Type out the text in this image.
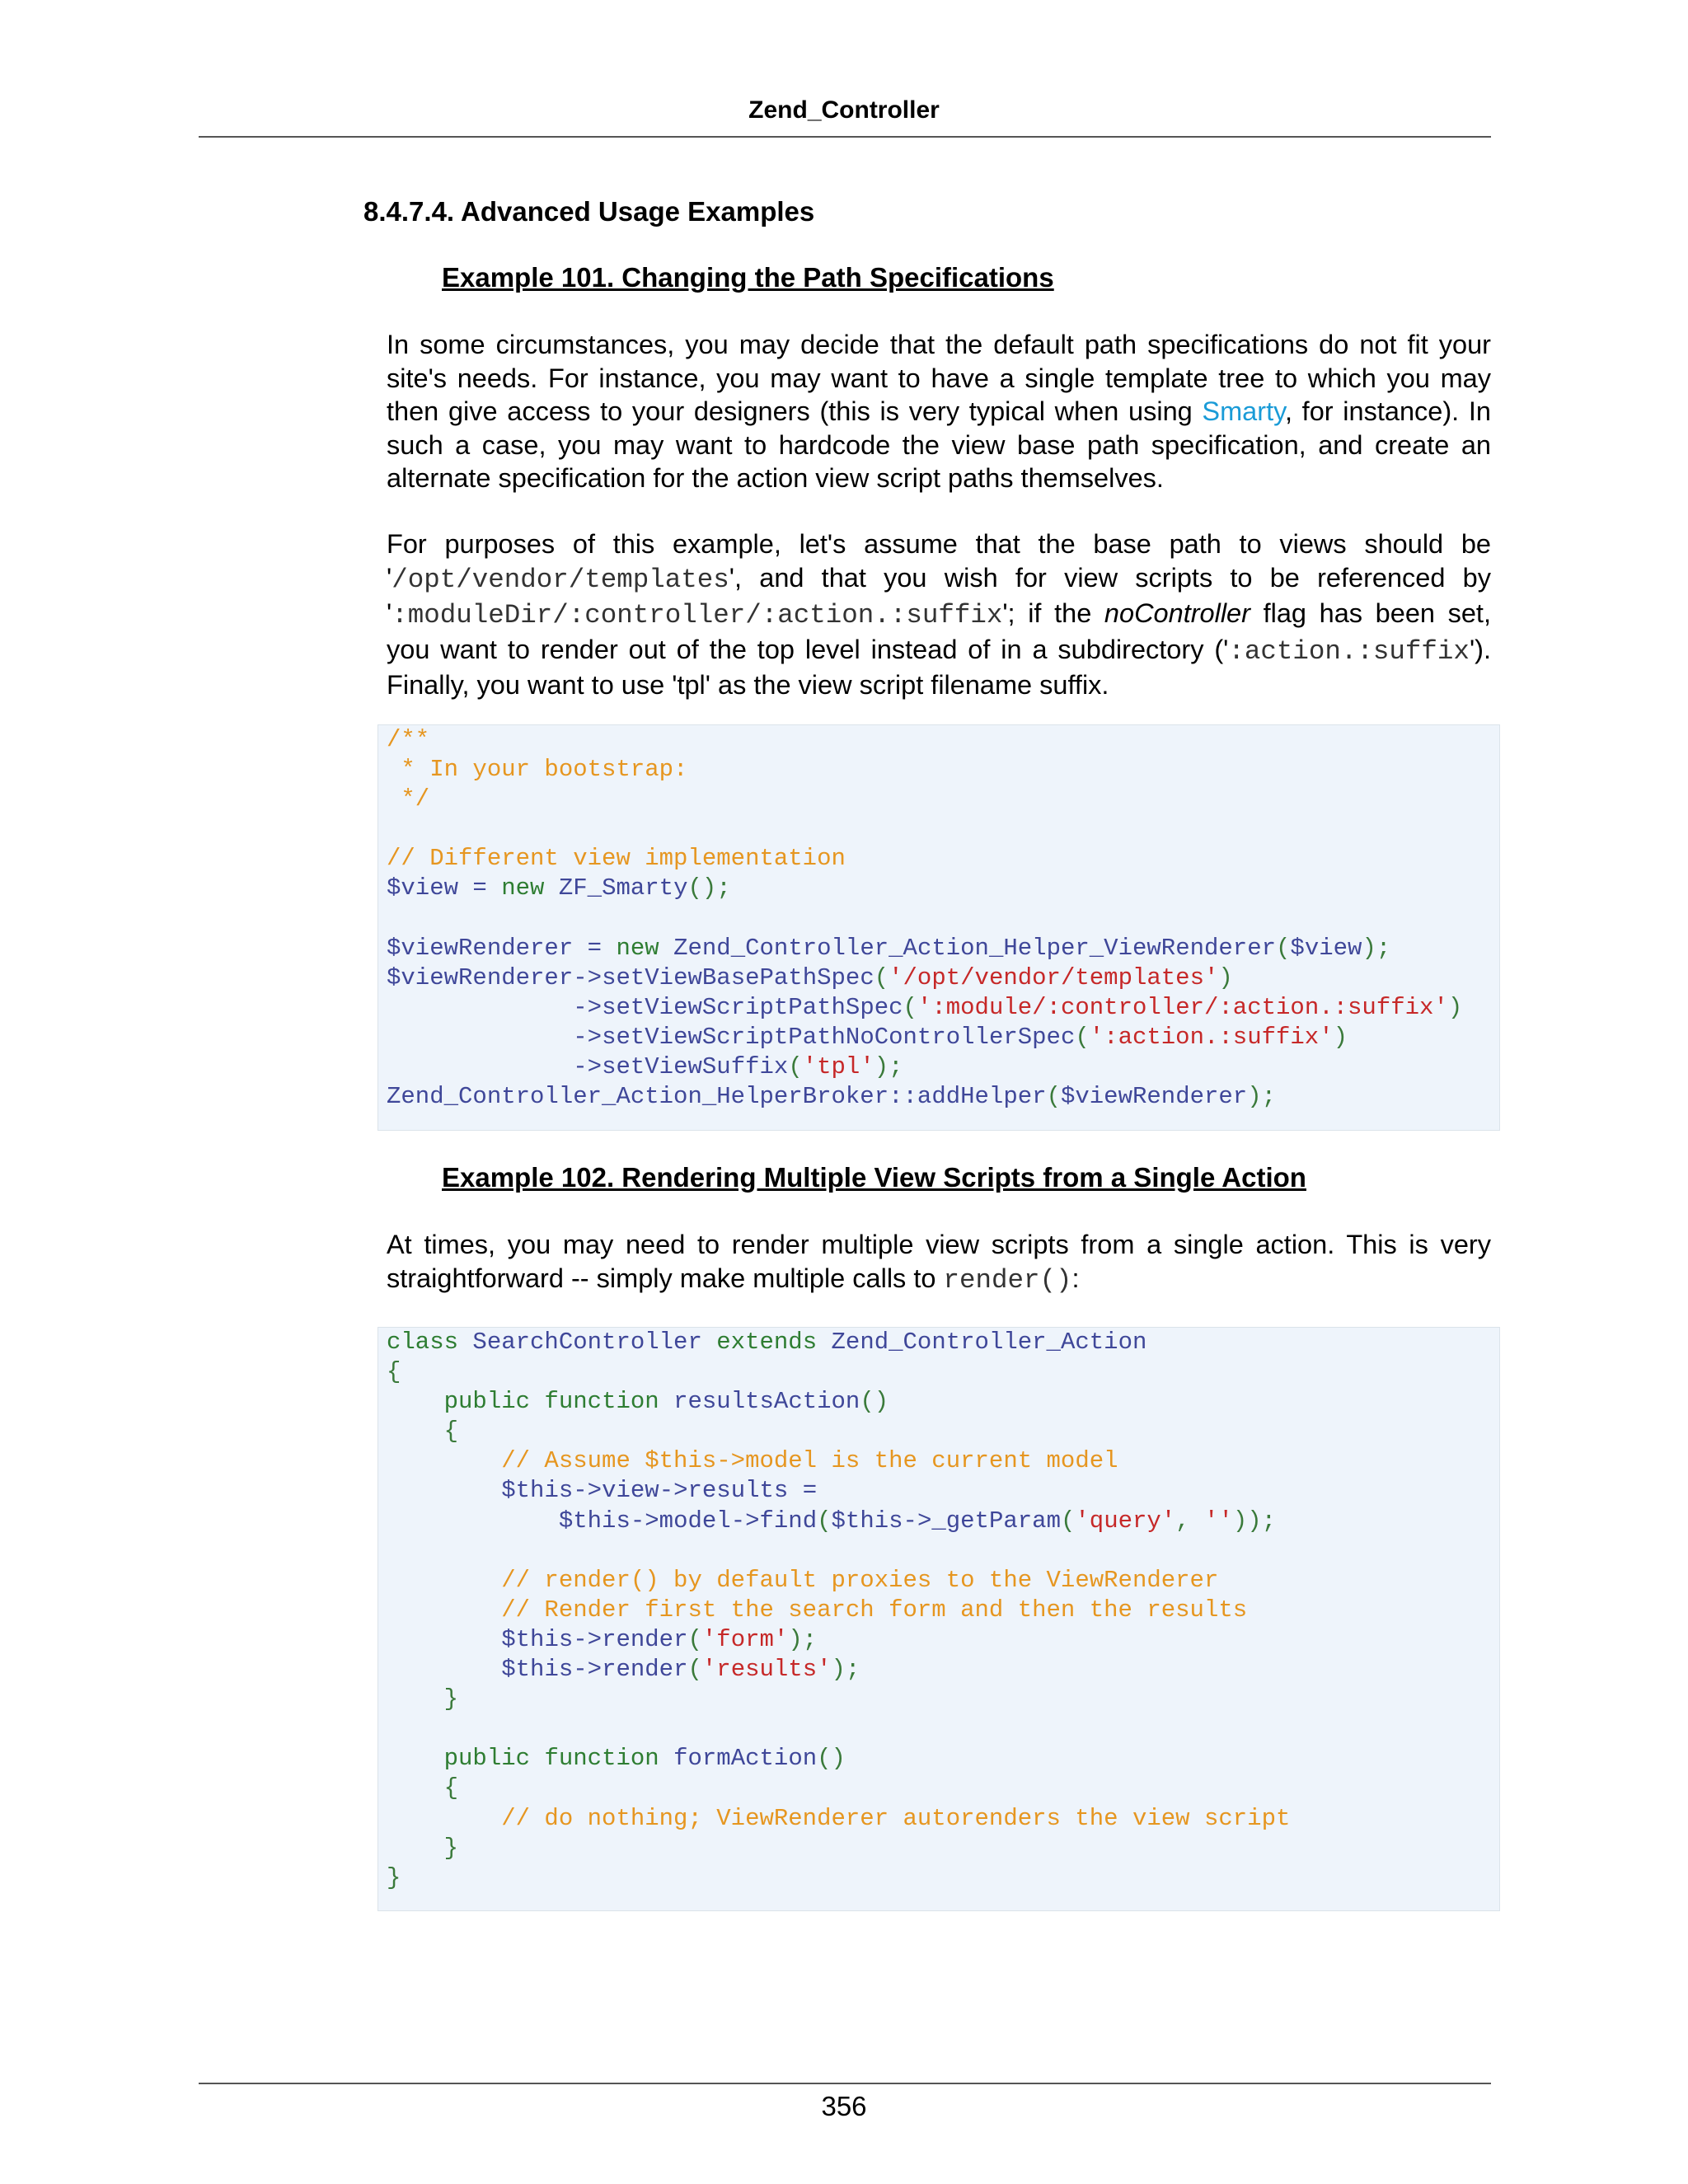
Zend_Controller
8.4.7.4. Advanced Usage Examples
Example 101. Changing the Path Specifications
In some circumstances, you may decide that the default path specifications do not fit your site's needs. For instance, you may want to have a single template tree to which you may then give access to your designers (this is very typical when using Smarty, for instance). In such a case, you may want to hardcode the view base path specification, and create an alternate specification for the action view script paths themselves.
For purposes of this example, let's assume that the base path to views should be '/opt/vendor/templates', and that you wish for view scripts to be referenced by ':moduleDir/:controller/:action.:suffix'; if the noController flag has been set, you want to render out of the top level instead of in a subdirectory (':action.:suffix'). Finally, you want to use 'tpl' as the view script filename suffix.
/**
* In your bootstrap:
*/

// Different view implementation
$view = new ZF_Smarty();

$viewRenderer = new Zend_Controller_Action_Helper_ViewRenderer($view);
$viewRenderer->setViewBasePathSpec('/opt/vendor/templates')
->setViewScriptPathSpec(':module/:controller/:action.:suffix')
->setViewScriptPathNoControllerSpec(':action.:suffix')
->setViewSuffix('tpl');
Zend_Controller_Action_HelperBroker::addHelper($viewRenderer);
Example 102. Rendering Multiple View Scripts from a Single Action
At times, you may need to render multiple view scripts from a single action. This is very straightforward -- simply make multiple calls to render():
class SearchController extends Zend_Controller_Action
{
public function resultsAction()
{
// Assume $this->model is the current model
$this->view->results =
$this->model->find($this->_getParam('query', ''));

// render() by default proxies to the ViewRenderer
// Render first the search form and then the results
$this->render('form');
$this->render('results');
}

public function formAction()
{
// do nothing; ViewRenderer autorenders the view script
}
}
356
